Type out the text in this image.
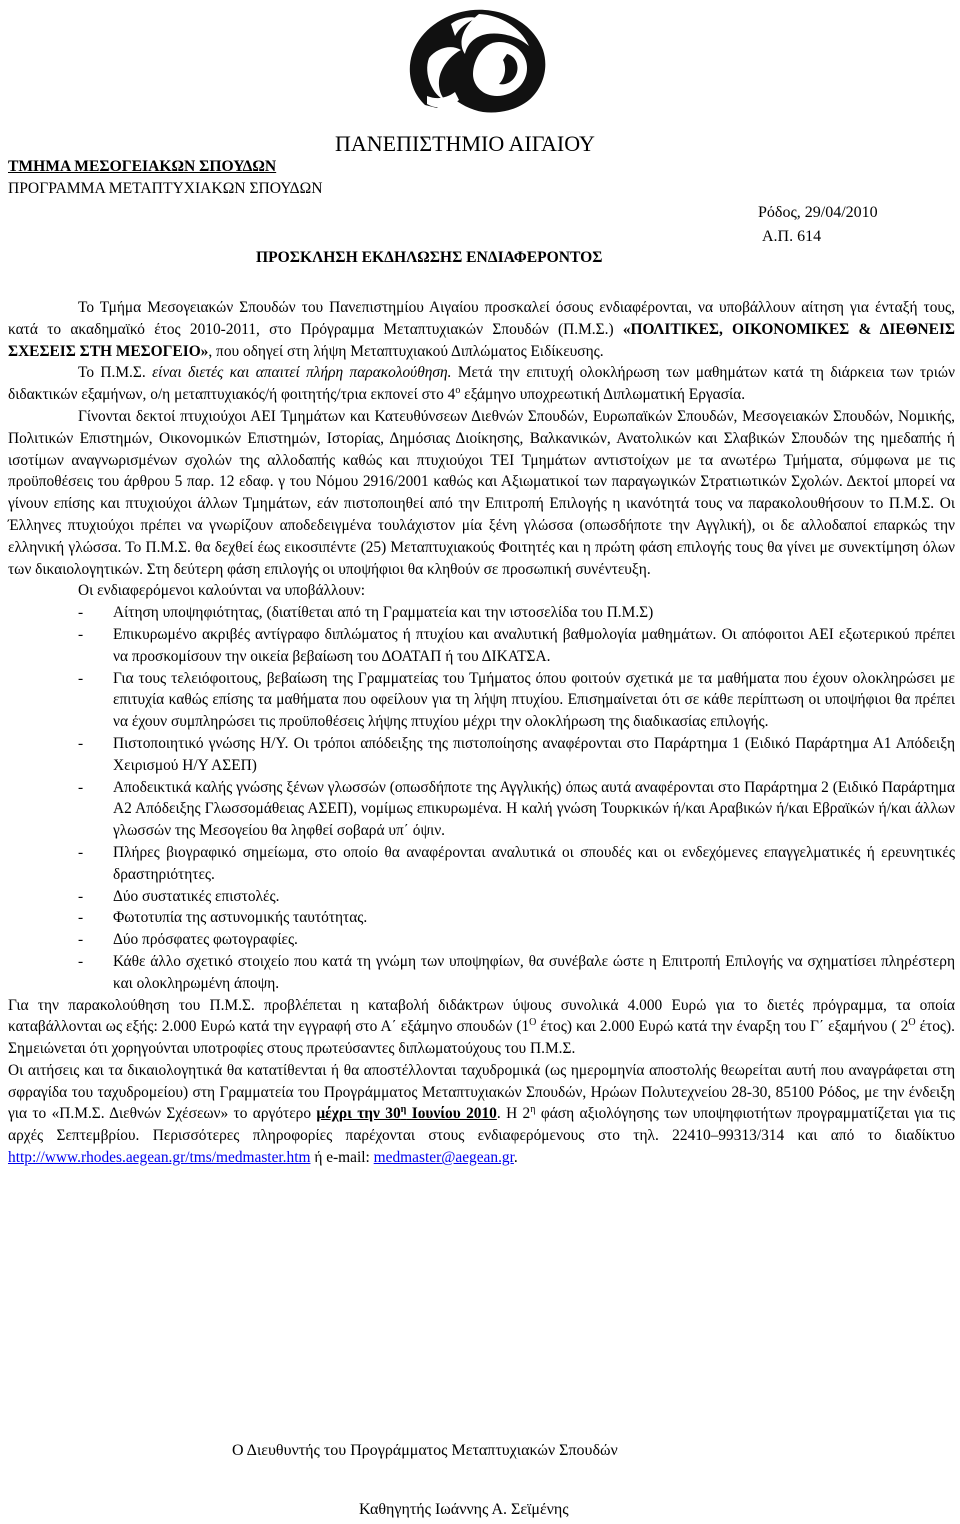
ΠΑΝΕΠΙΣΤΗΜΙΟ ΑΙΓΑΙΟΥ
ΤΜΗΜΑ ΜΕΣΟΓΕΙΑΚΩΝ ΣΠΟΥΔΩΝ
ΠΡΟΓΡΑΜΜΑ ΜΕΤΑΠΤΥΧΙΑΚΩΝ ΣΠΟΥΔΩΝ
Ρόδος, 29/04/2010
Α.Π. 614
ΠΡΟΣΚΛΗΣΗ ΕΚΔΗΛΩΣΗΣ ΕΝΔΙΑΦΕΡΟΝΤΟΣ

Το Τμήμα Μεσογειακών Σπουδών του Πανεπιστημίου Αιγαίου προσκαλεί όσους ενδιαφέρονται, να υποβάλλουν αίτηση για ένταξή τους, κατά το ακαδημαϊκό έτος 2010-2011, στο Πρόγραμμα Μεταπτυχιακών Σπουδών (Π.Μ.Σ.) «ΠΟΛΙΤΙΚΕΣ, ΟΙΚΟΝΟΜΙΚΕΣ & ΔΙΕΘΝΕΙΣ ΣΧΕΣΕΙΣ ΣΤΗ ΜΕΣΟΓΕΙΟ», που οδηγεί στη λήψη Μεταπτυχιακού Διπλώματος Ειδίκευσης.

Το Π.Μ.Σ. είναι διετές και απαιτεί πλήρη παρακολούθηση. Μετά την επιτυχή ολοκλήρωση των μαθημάτων κατά τη διάρκεια των τριών διδακτικών εξαμήνων, ο/η μεταπτυχιακός/ή φοιτητής/τρια εκπονεί στο $4^o$ εξάμηνο υποχρεωτική Διπλωματική Εργασία.

Γίνονται δεκτοί πτυχιούχοι ΑΕΙ Τμημάτων και Κατευθύνσεων Διεθνών Σπουδών, Ευρωπαϊκών Σπουδών, Μεσογειακών Σπουδών, Νομικής, Πολιτικών Επιστημών, Οικονομικών Επιστημών, Ιστορίας, Δημόσιας Διοίκησης, Βαλκανικών, Ανατολικών και Σλαβικών Σπουδών της ημεδαπής ή ισοτίμων αναγνωρισμένων σχολών της αλλοδαπής καθώς και πτυχιούχοι ΤΕΙ Τμημάτων αντιστοίχων με τα ανωτέρω Τμήματα, σύμφωνα με τις προϋποθέσεις του άρθρου 5 παρ. 12 εδαφ. γ του Νόμου 2916/2001 καθώς και Αξιωματικοί των παραγωγικών Στρατιωτικών Σχολών. Δεκτοί μπορεί να γίνουν επίσης και πτυχιούχοι άλλων Τμημάτων, εάν πιστοποιηθεί από την Επιτροπή Επιλογής η ικανότητά τους να παρακολουθήσουν το Π.Μ.Σ. Οι Έλληνες πτυχιούχοι πρέπει να γνωρίζουν αποδεδειγμένα τουλάχιστον μία ξένη γλώσσα (οπωσδήποτε την Αγγλική), οι δε αλλοδαποί επαρκώς την ελληνική γλώσσα. Το Π.Μ.Σ. θα δεχθεί έως εικοσιπέντε (25) Μεταπτυχιακούς Φοιτητές και η πρώτη φάση επιλογής τους θα γίνει με συνεκτίμηση όλων των δικαιολογητικών. Στη δεύτερη φάση επιλογής οι υποψήφιοι θα κληθούν σε προσωπική συνέντευξη.

Οι ενδιαφερόμενοι καλούνται να υποβάλλουν:

- Αίτηση υποψηφιότητας, (διατίθεται από τη Γραμματεία και την ιστοσελίδα του Π.Μ.Σ)
- Επικυρωμένο ακριβές αντίγραφο διπλώματος ή πτυχίου και αναλυτική βαθμολογία μαθημάτων. Οι απόφοιτοι ΑΕΙ εξωτερικού πρέπει να προσκομίσουν την οικεία βεβαίωση του ΔΟΑΤΑΠ ή του ΔΙΚΑΤΣΑ.
- Για τους τελειόφοιτους, βεβαίωση της Γραμματείας του Τμήματος όπου φοιτούν σχετικά με τα μαθήματα που έχουν ολοκληρώσει με επιτυχία καθώς επίσης τα μαθήματα που οφείλουν για τη λήψη πτυχίου. Επισημαίνεται ότι σε κάθε περίπτωση οι υποψήφιοι θα πρέπει να έχουν συμπληρώσει τις προϋποθέσεις λήψης πτυχίου μέχρι την ολοκλήρωση της διαδικασίας επιλογής.
- Πιστοποιητικό γνώσης Η/Υ. Οι τρόποι απόδειξης της πιστοποίησης αναφέρονται στο Παράρτημα 1 (Ειδικό Παράρτημα Α1 Απόδειξη Χειρισμού Η/Υ ΑΣΕΠ)
- Αποδεικτικά καλής γνώσης ξένων γλωσσών (οπωσδήποτε της Αγγλικής) όπως αυτά αναφέρονται στο Παράρτημα 2 (Ειδικό Παράρτημα Α2 Απόδειξης Γλωσσομάθειας ΑΣΕΠ), νομίμως επικυρωμένα. Η καλή γνώση Τουρκικών ή/και Αραβικών ή/και Εβραϊκών ή/και άλλων γλωσσών της Μεσογείου θα ληφθεί σοβαρά υπ΄ όψιν.
- Πλήρες βιογραφικό σημείωμα, στο οποίο θα αναφέρονται αναλυτικά οι σπουδές και οι ενδεχόμενες επαγγελματικές ή ερευνητικές δραστηριότητες.
- Δύο συστατικές επιστολές.
- Φωτοτυπία της αστυνομικής ταυτότητας.
- Δύο πρόσφατες φωτογραφίες.
- Κάθε άλλο σχετικό στοιχείο που κατά τη γνώμη των υποψηφίων, θα συνέβαλε ώστε η Επιτροπή Επιλογής να σχηματίσει πληρέστερη και ολοκληρωμένη άποψη.

Για την παρακολούθηση του Π.Μ.Σ. προβλέπεται η καταβολή διδάκτρων ύψους συνολικά 4.000 Ευρώ για το διετές πρόγραμμα, τα οποία καταβάλλονται ως εξής: 2.000 Ευρώ κατά την εγγραφή στο Α΄ εξάμηνο σπουδών ($1^O$ έτος) και 2.000 Ευρώ κατά την έναρξη του Γ΄ εξαμήνου ( $2^O$ έτος). Σημειώνεται ότι χορηγούνται υποτροφίες στους πρωτεύσαντες διπλωματούχους του Π.Μ.Σ.

Οι αιτήσεις και τα δικαιολογητικά θα κατατίθενται ή θα αποστέλλονται ταχυδρομικά (ως ημερομηνία αποστολής θεωρείται αυτή που αναγράφεται στη σφραγίδα του ταχυδρομείου) στη Γραμματεία του Προγράμματος Μεταπτυχιακών Σπουδών, Ηρώων Πολυτεχνείου 28-30, 85100 Ρόδος, με την ένδειξη για το «Π.Μ.Σ. Διεθνών Σχέσεων» το αργότερο μέχρι την $30^\eta$ Ιουνίου 2010. Η $2^\eta$ φάση αξιολόγησης των υποψηφιοτήτων προγραμματίζεται για τις αρχές Σεπτεμβρίου. Περισσότερες πληροφορίες παρέχονται στους ενδιαφερόμενους στο τηλ. 22410–99313/314 και από το διαδίκτυο http://www.rhodes.aegean.gr/tms/medmaster.htm ή e-mail: medmaster@aegean.gr.

Ο Διευθυντής του Προγράμματος Μεταπτυχιακών Σπουδών
Καθηγητής Ιωάννης Α. Σεϊμένης
